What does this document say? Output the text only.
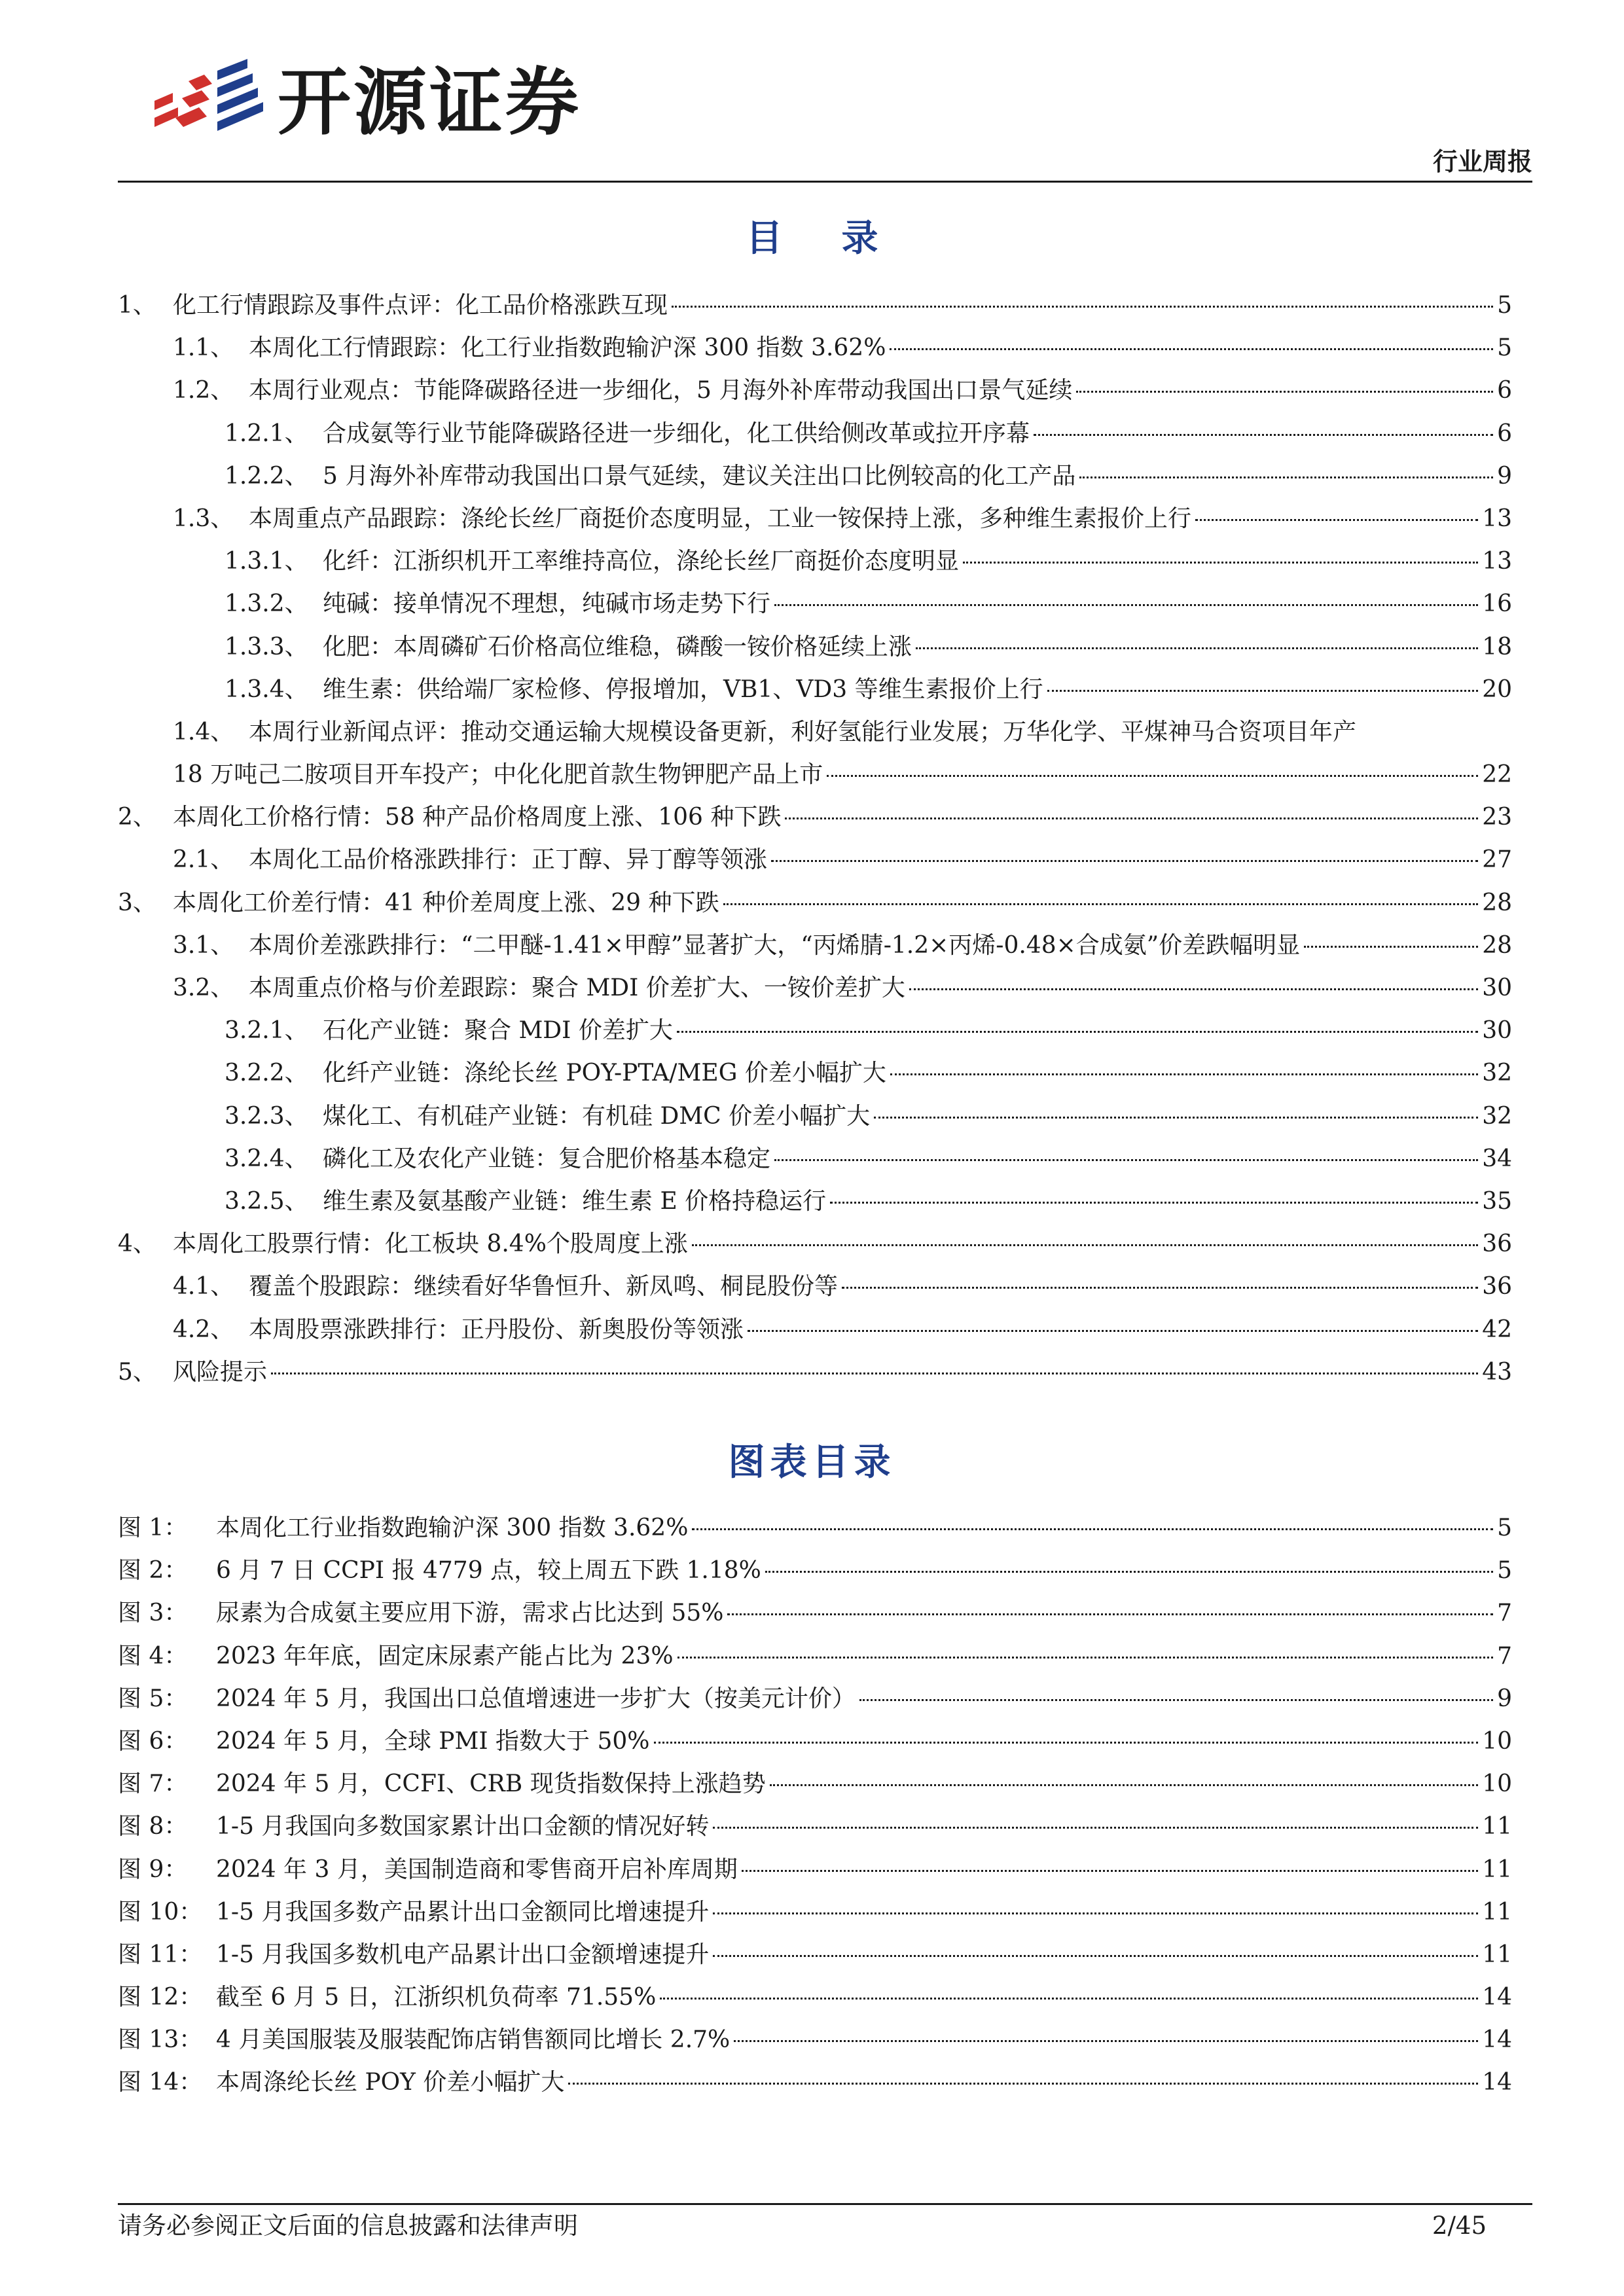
开源证券
行业周报
目录
1、 化工行情跟踪及事件点评：化工品价格涨跌互现	5
1.1、 本周化工行情跟踪：化工行业指数跑输沪深 300 指数 3.62%	5
1.2、 本周行业观点：节能降碳路径进一步细化，5 月海外补库带动我国出口景气延续	6
1.2.1、 合成氨等行业节能降碳路径进一步细化，化工供给侧改革或拉开序幕	6
1.2.2、 5 月海外补库带动我国出口景气延续，建议关注出口比例较高的化工产品	9
1.3、 本周重点产品跟踪：涤纶长丝厂商挺价态度明显，工业一铵保持上涨，多种维生素报价上行	13
1.3.1、 化纤：江浙织机开工率维持高位，涤纶长丝厂商挺价态度明显	13
1.3.2、 纯碱：接单情况不理想，纯碱市场走势下行	16
1.3.3、 化肥：本周磷矿石价格高位维稳，磷酸一铵价格延续上涨	18
1.3.4、 维生素：供给端厂家检修、停报增加，VB1、VD3 等维生素报价上行	20
1.4、 本周行业新闻点评：推动交通运输大规模设备更新，利好氢能行业发展；万华化学、平煤神马合资项目年产
18 万吨己二胺项目开车投产；中化化肥首款生物钾肥产品上市	22
2、 本周化工价格行情：58 种产品价格周度上涨、106 种下跌	23
2.1、 本周化工品价格涨跌排行：正丁醇、异丁醇等领涨	27
3、 本周化工价差行情：41 种价差周度上涨、29 种下跌	28
3.1、 本周价差涨跌排行：“二甲醚-1.41×甲醇”显著扩大，“丙烯腈-1.2×丙烯-0.48×合成氨”价差跌幅明显	28
3.2、 本周重点价格与价差跟踪：聚合 MDI 价差扩大、一铵价差扩大	30
3.2.1、 石化产业链：聚合 MDI 价差扩大	30
3.2.2、 化纤产业链：涤纶长丝 POY-PTA/MEG 价差小幅扩大	32
3.2.3、 煤化工、有机硅产业链：有机硅 DMC 价差小幅扩大	32
3.2.4、 磷化工及农化产业链：复合肥价格基本稳定	34
3.2.5、 维生素及氨基酸产业链：维生素 E 价格持稳运行	35
4、 本周化工股票行情：化工板块 8.4%个股周度上涨	36
4.1、 覆盖个股跟踪：继续看好华鲁恒升、新凤鸣、桐昆股份等	36
4.2、 本周股票涨跌排行：正丹股份、新奥股份等领涨	42
5、 风险提示	43
图表目录
图 1：	本周化工行业指数跑输沪深 300 指数 3.62%	5
图 2：	6 月 7 日 CCPI 报 4779 点，较上周五下跌 1.18%	5
图 3：	尿素为合成氨主要应用下游，需求占比达到 55%	7
图 4：	2023 年年底，固定床尿素产能占比为 23%	7
图 5：	2024 年 5 月，我国出口总值增速进一步扩大（按美元计价）	9
图 6：	2024 年 5 月，全球 PMI 指数大于 50%	10
图 7：	2024 年 5 月，CCFI、CRB 现货指数保持上涨趋势	10
图 8：	1-5 月我国向多数国家累计出口金额的情况好转	11
图 9：	2024 年 3 月，美国制造商和零售商开启补库周期	11
图 10： 1-5 月我国多数产品累计出口金额同比增速提升	11
图 11： 1-5 月我国多数机电产品累计出口金额增速提升	11
图 12： 截至 6 月 5 日，江浙织机负荷率 71.55%	14
图 13： 4 月美国服装及服装配饰店销售额同比增长 2.7%	14
图 14： 本周涤纶长丝 POY 价差小幅扩大	14
请务必参阅正文后面的信息披露和法律声明	2/45
